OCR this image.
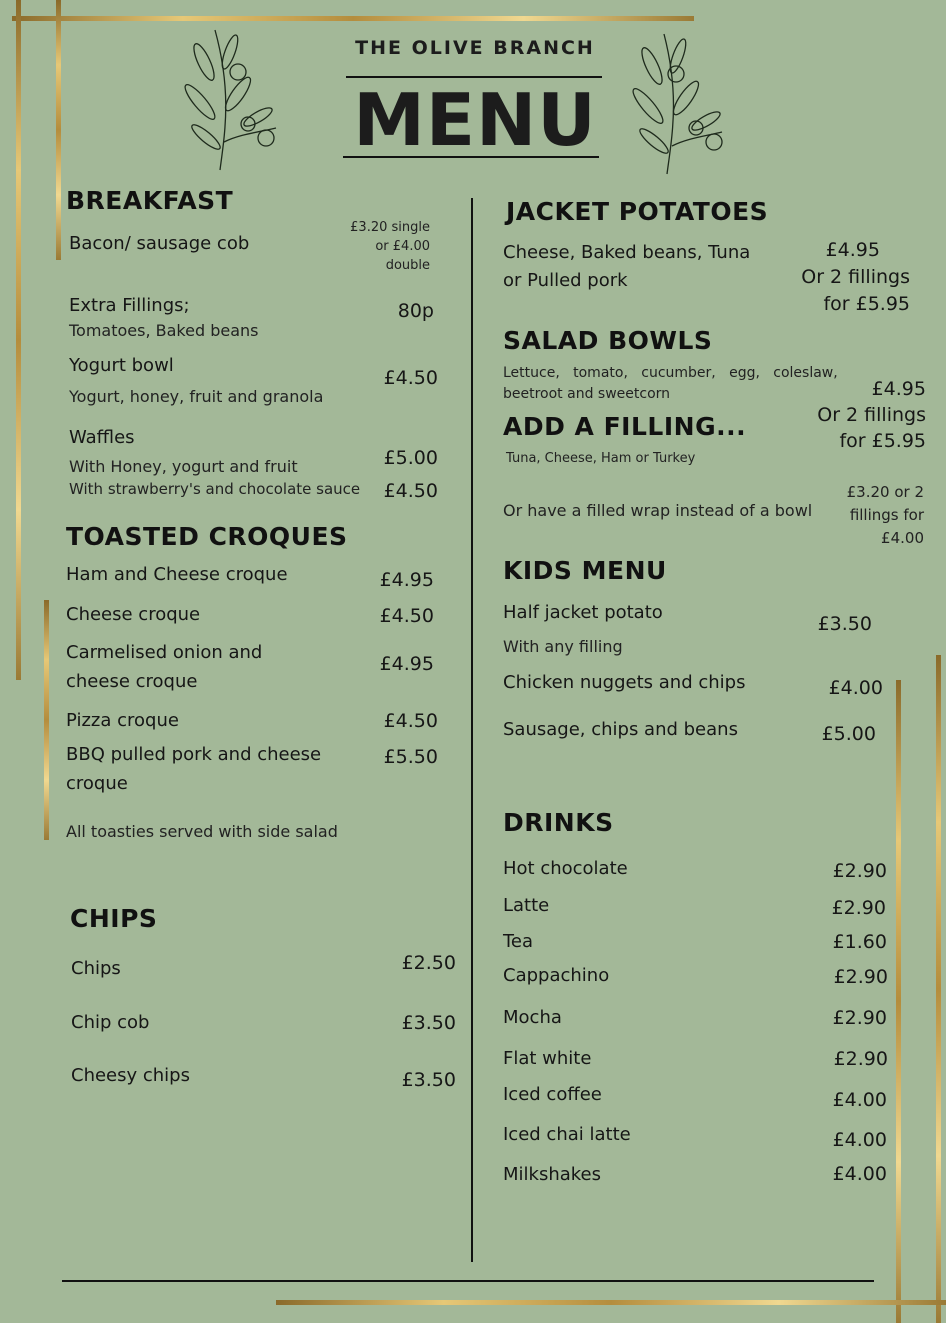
THE OLIVE BRANCH
MENU
BREAKFAST
Bacon/ sausage cob
£3.20 single
or £4.00
double
Extra Fillings;
Tomatoes, Baked beans
80p
Yogurt bowl
Yogurt, honey, fruit and granola
£4.50
Waffles
With Honey, yogurt and fruit	£5.00
With strawberry's and chocolate sauce	£4.50
TOASTED CROQUES
Ham and Cheese croque	£4.95
Cheese croque	£4.50
Carmelised onion and
cheese croque
£4.95
Pizza croque	£4.50
BBQ pulled pork and cheese
croque
£5.50
All toasties served with side salad
CHIPS
Chips	£2.50
Chip cob	£3.50
Cheesy chips	£3.50
JACKET POTATOES
Cheese, Baked beans, Tuna
or Pulled pork
£4.95
Or 2 fillings
for £5.95
SALAD BOWLS
Lettuce,   tomato,   cucumber,   egg,   coleslaw,
beetroot and sweetcorn	£4.95
Or 2 fillings
for £5.95
ADD A FILLING...
Tuna, Cheese, Ham or Turkey
Or have a filled wrap instead of a bowl
£3.20 or 2
fillings for
£4.00
KIDS MENU
Half jacket potato
With any filling
£3.50
Chicken nuggets and chips	£4.00
Sausage, chips and beans	£5.00
DRINKS
Hot chocolate	£2.90
Latte	£2.90
Tea	£1.60
Cappachino	£2.90
Mocha	£2.90
Flat white	£2.90
Iced coffee	£4.00
Iced chai latte	£4.00
Milkshakes	£4.00
